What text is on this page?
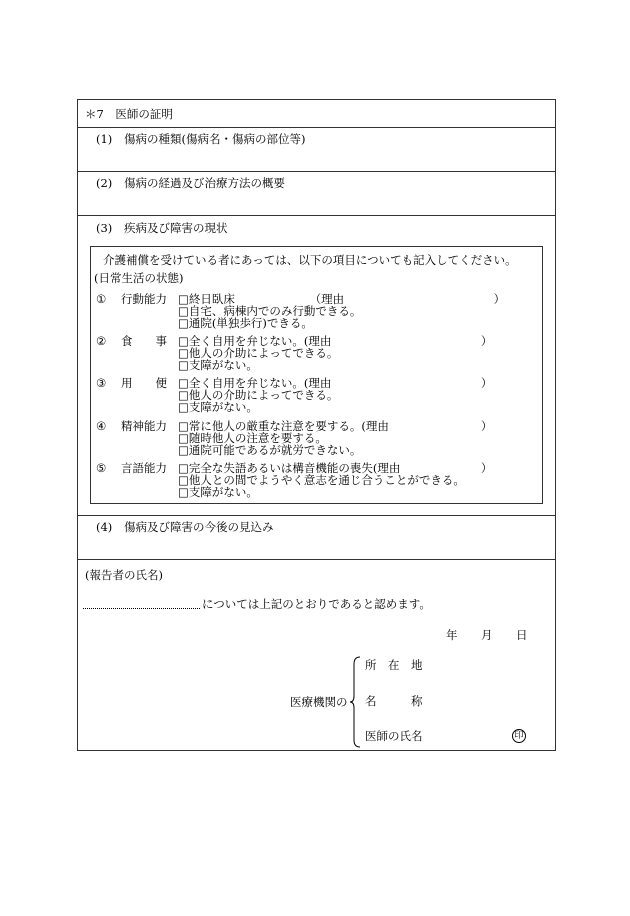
＊7　医師の証明
(1) 傷病の種類(傷病名・傷病の部位等)
(2) 傷病の経過及び治療方法の概要
(3) 疾病及び障害の現状
介護補償を受けている者にあっては、以下の項目についても記入してください。
(日常生活の状態)
① 行動能力 □終日臥床　　　　　　　（理由　　　　　　　　　　　　　）
□自宅、病棟内でのみ行動できる。
□通院(単独歩行)できる。
② 食　　事 □全く自用を弁じない。(理由　　　　　　　　　　　　　）
□他人の介助によってできる。
□支障がない。
③ 用　　便 □全く自用を弁じない。(理由　　　　　　　　　　　　　）
□他人の介助によってできる。
□支障がない。
④ 精神能力 □常に他人の厳重な注意を要する。(理由　　　　　　　　）
□随時他人の注意を要する。
□通院可能であるが就労できない。
⑤ 言語能力 □完全な失語あるいは構音機能の喪失(理由　　　　　　　）
□他人との間でようやく意志を通じ合うことができる。
□支障がない。
(4) 傷病及び障害の今後の見込み
(報告者の氏名)
については上記のとおりであると認めます。
年 月 日
医療機関の
所　在　地
名　　　称
医師の氏名	印
